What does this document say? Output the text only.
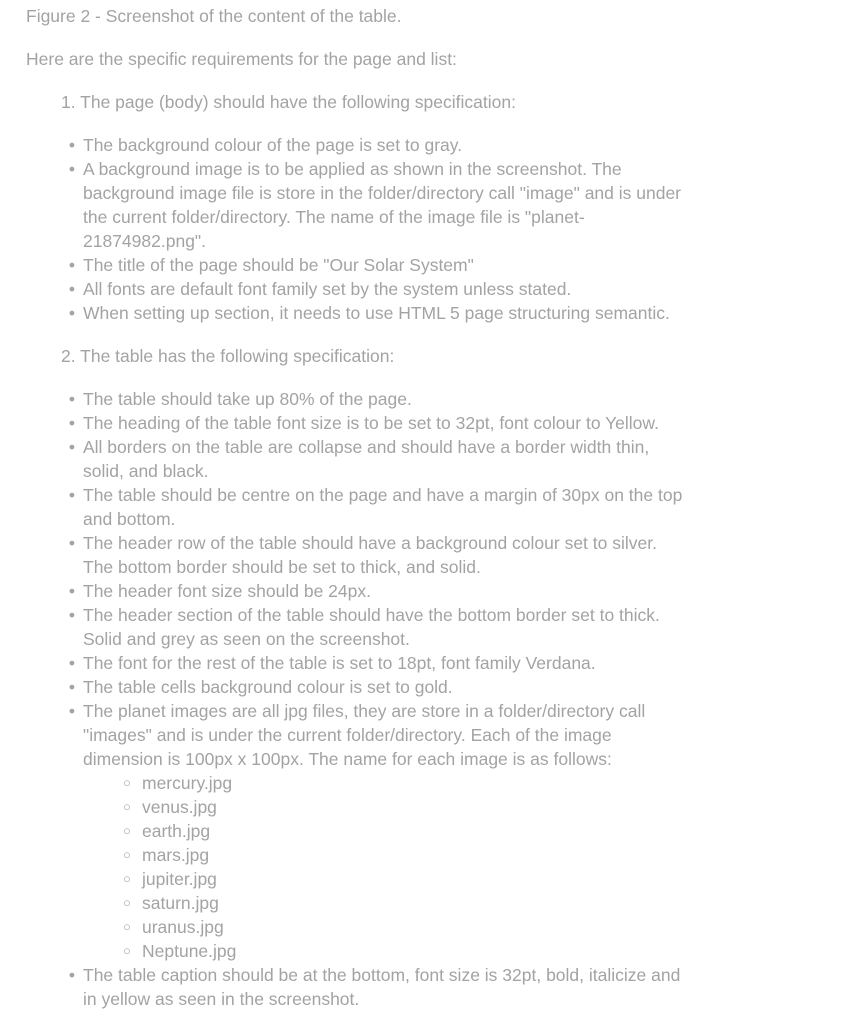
Figure 2 - Screenshot of the content of the table.

Here are the specific requirements for the page and list:

1. The page (body) should have the following specification:

• The background colour of the page is set to gray.
• A background image is to be applied as shown in the screenshot. The
background image file is store in the folder/directory call "image" and is under
the current folder/directory. The name of the image file is "planet-
21874982.png".
• The title of the page should be "Our Solar System"
• All fonts are default font family set by the system unless stated.
• When setting up section, it needs to use HTML 5 page structuring semantic.

2. The table has the following specification:

• The table should take up 80% of the page.
• The heading of the table font size is to be set to 32pt, font colour to Yellow.
• All borders on the table are collapse and should have a border width thin,
solid, and black.
• The table should be centre on the page and have a margin of 30px on the top
and bottom.
• The header row of the table should have a background colour set to silver.
The bottom border should be set to thick, and solid.
• The header font size should be 24px.
• The header section of the table should have the bottom border set to thick.
Solid and grey as seen on the screenshot.
• The font for the rest of the table is set to 18pt, font family Verdana.
• The table cells background colour is set to gold.
• The planet images are all jpg files, they are store in a folder/directory call
"images" and is under the current folder/directory. Each of the image
dimension is 100px x 100px. The name for each image is as follows:
○ mercury.jpg
○ venus.jpg
○ earth.jpg
○ mars.jpg
○ jupiter.jpg
○ saturn.jpg
○ uranus.jpg
○ Neptune.jpg
• The table caption should be at the bottom, font size is 32pt, bold, italicize and
in yellow as seen in the screenshot.
